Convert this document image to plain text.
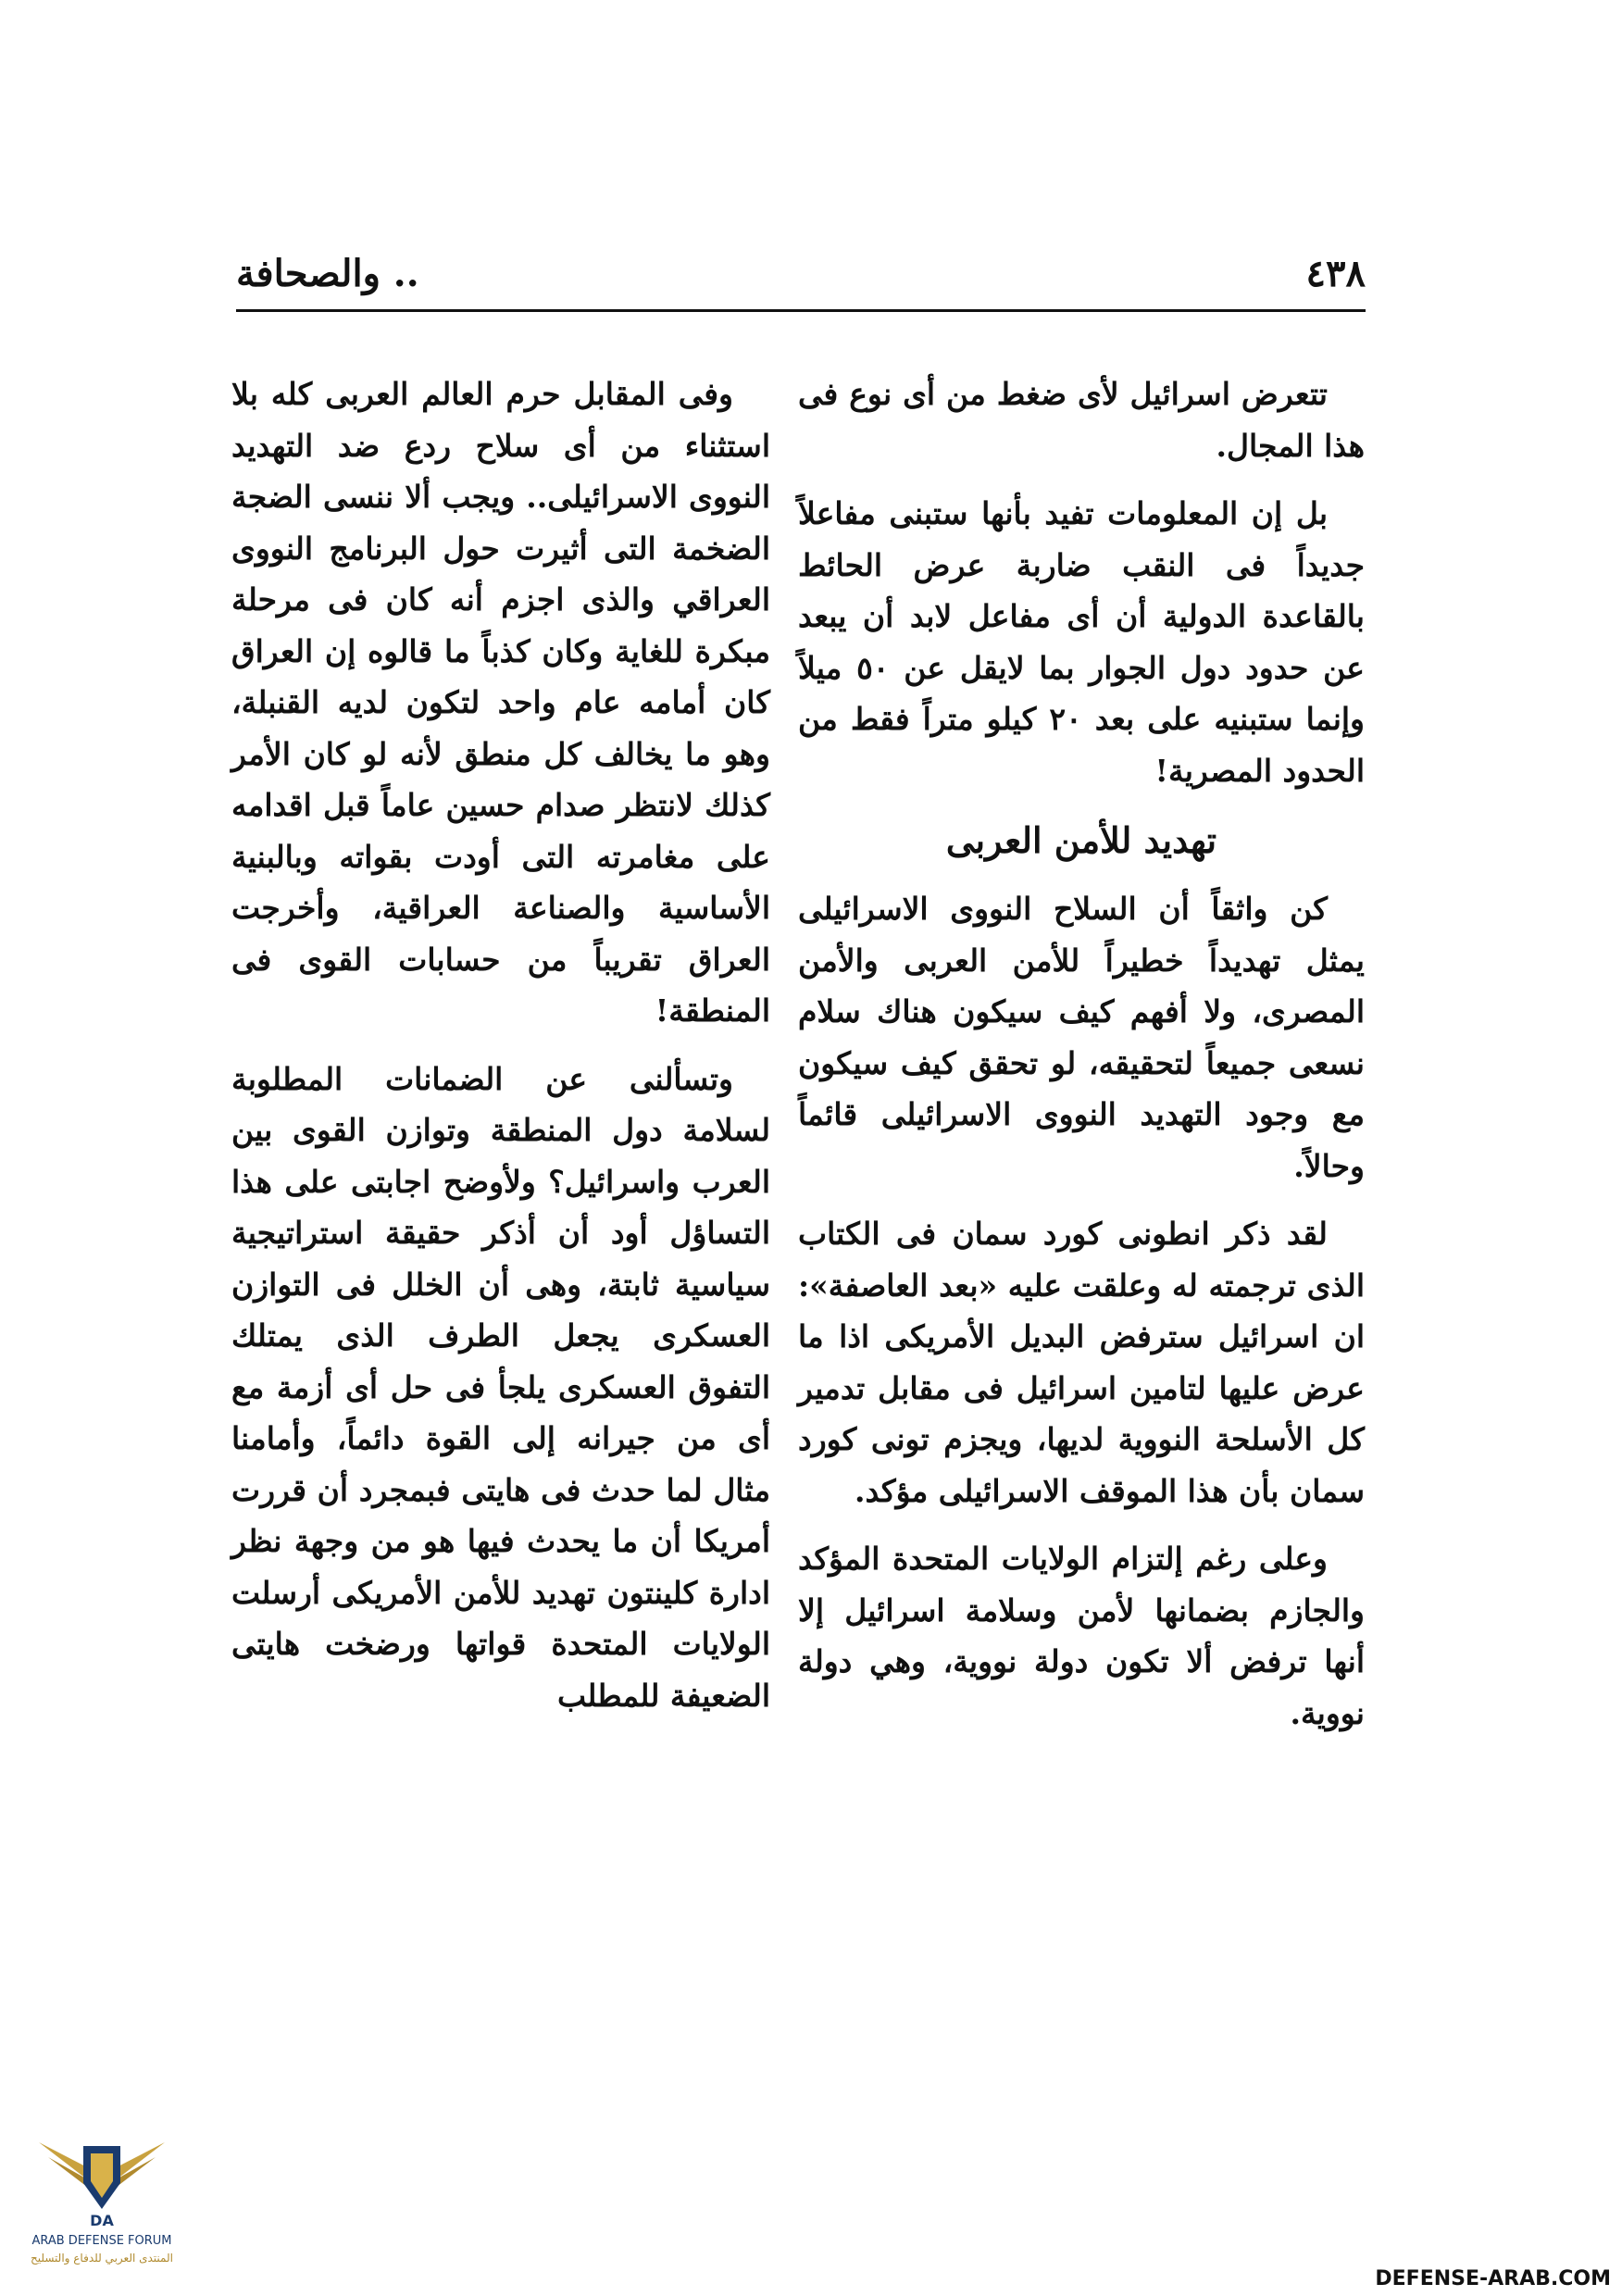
٤٣٨
.. والصحافة

تتعرض اسرائيل لأى ضغط من أى نوع فى هذا المجال.

بل إن المعلومات تفيد بأنها ستبنى مفاعلاً جديداً فى النقب ضاربة عرض الحائط بالقاعدة الدولية أن أى مفاعل لابد أن يبعد عن حدود دول الجوار بما لايقل عن ٥٠ ميلاً وإنما ستبنيه على بعد ٢٠ كيلو متراً فقط من الحدود المصرية!

تهديد للأمن العربى

كن واثقاً أن السلاح النووى الاسرائيلى يمثل تهديداً خطيراً للأمن العربى والأمن المصرى، ولا أفهم كيف سيكون هناك سلام نسعى جميعاً لتحقيقه، لو تحقق كيف سيكون مع وجود التهديد النووى الاسرائيلى قائماً وحالاً.

لقد ذكر انطونى كورد سمان فى الكتاب الذى ترجمته له وعلقت عليه «بعد العاصفة»: ان اسرائيل سترفض البديل الأمريكى اذا ما عرض عليها لتامين اسرائيل فى مقابل تدمير كل الأسلحة النووية لديها، ويجزم تونى كورد سمان بأن هذا الموقف الاسرائيلى مؤكد.

وعلى رغم إلتزام الولايات المتحدة المؤكد والجازم بضمانها لأمن وسلامة اسرائيل إلا أنها ترفض ألا تكون دولة نووية، وهي دولة نووية.

وفى المقابل حرم العالم العربى كله بلا استثناء من أى سلاح ردع ضد التهديد النووى الاسرائيلى.. ويجب ألا ننسى الضجة الضخمة التى أثيرت حول البرنامج النووى العراقي والذى اجزم أنه كان فى مرحلة مبكرة للغاية وكان كذباً ما قالوه إن العراق كان أمامه عام واحد لتكون لديه القنبلة، وهو ما يخالف كل منطق لأنه لو كان الأمر كذلك لانتظر صدام حسين عاماً قبل اقدامه على مغامرته التى أودت بقواته وبالبنية الأساسية والصناعة العراقية، وأخرجت العراق تقريباً من حسابات القوى فى المنطقة!

وتسألنى عن الضمانات المطلوبة لسلامة دول المنطقة وتوازن القوى بين العرب واسرائيل؟ ولأوضح اجابتى على هذا التساؤل أود أن أذكر حقيقة استراتيجية سياسية ثابتة، وهى أن الخلل فى التوازن العسكرى يجعل الطرف الذى يمتلك التفوق العسكرى يلجأ فى حل أى أزمة مع أى من جيرانه إلى القوة دائماً، وأمامنا مثال لما حدث فى هايتى فبمجرد أن قررت أمريكا أن ما يحدث فيها هو من وجهة نظر ادارة كلينتون تهديد للأمن الأمريكى أرسلت الولايات المتحدة قواتها ورضخت هايتى الضعيفة للمطلب

DA
ARAB DEFENSE FORUM
المنتدى العربي للدفاع والتسليح
DEFENSE-ARAB.COM
